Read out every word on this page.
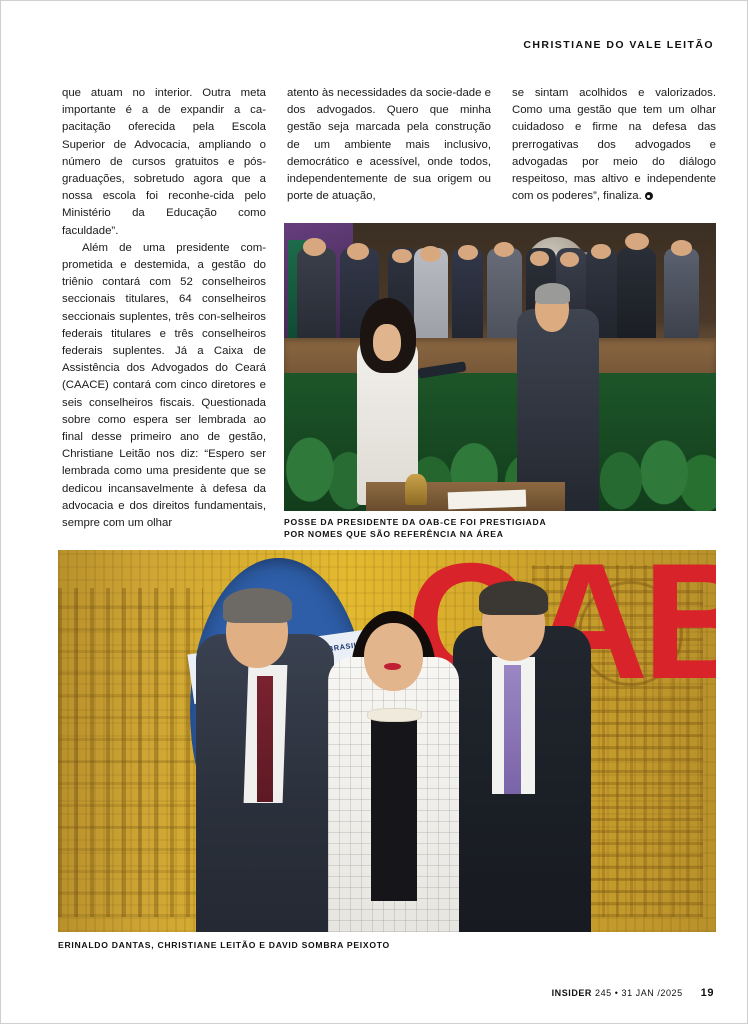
CHRISTIANE DO VALE LEITÃO

que atuam no interior. Outra meta importante é a de expandir a ca-pacitação oferecida pela Escola Superior de Advocacia, ampliando o número de cursos gratuitos e pós-graduações, sobretudo agora que a nossa escola foi reconhe-cida pelo Ministério da Educação como faculdade”.

Além de uma presidente com-prometida e destemida, a gestão do triênio contará com 52 conselheiros seccionais titulares, 64 conselheiros seccionais suplentes, três con-selheiros federais titulares e três conselheiros federais suplentes. Já a Caixa de Assistência dos Advogados do Ceará (CAACE) contará com cinco diretores e seis conselheiros fiscais. Questionada sobre como espera ser lembrada ao final desse primeiro ano de gestão, Christiane Leitão nos diz: “Espero ser lembrada como uma presidente que se dedicou incansavelmente à defesa da advocacia e dos direitos fundamentais, sempre com um olhar

atento às necessidades da socie-dade e dos advogados. Quero que minha gestão seja marcada pela construção de um ambiente mais inclusivo, democrático e acessível, onde todos, independentemente de sua origem ou porte de atuação,

se sintam acolhidos e valorizados. Como uma gestão que tem um olhar cuidadoso e firme na defesa das prerrogativas dos advogados e advogadas por meio do diálogo respeitoso, mas altivo e independente com os poderes”, finaliza.

POSSE DA PRESIDENTE DA OAB-CE FOI PRESTIGIADA
POR NOMES QUE SÃO REFERÊNCIA NA ÁREA
BRASIL
ERINALDO DANTAS, CHRISTIANE LEITÃO E DAVID SOMBRA PEIXOTO
INSIDER 245 • 31 JAN /2025 19
